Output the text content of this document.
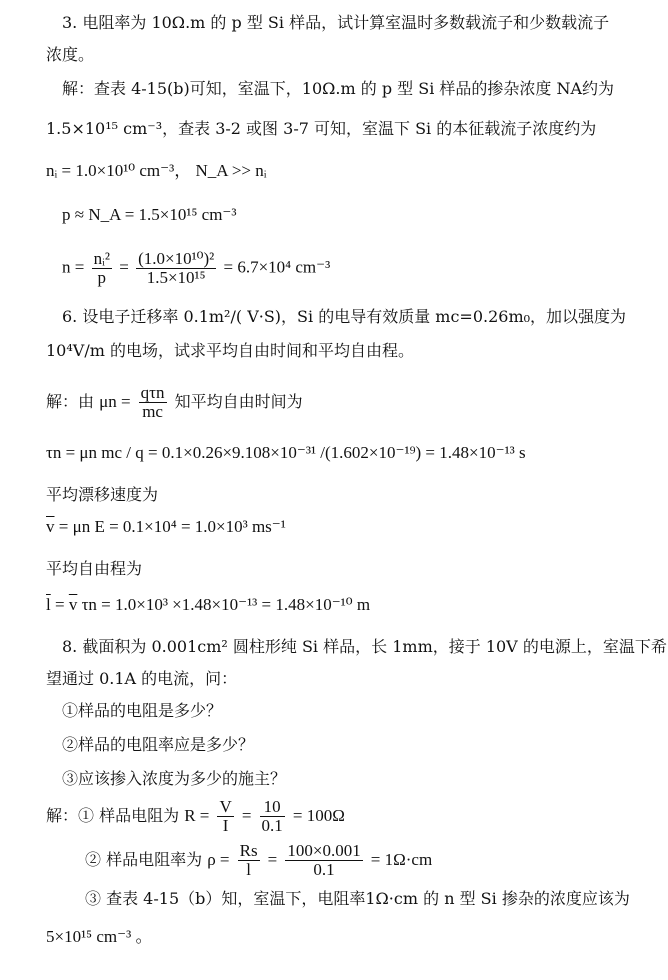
3. 电阻率为 10Ω.m 的 p 型 Si 样品，试计算室温时多数载流子和少数载流子
浓度。
解：查表 4-15(b)可知，室温下，10Ω.m 的 p 型 Si 样品的掺杂浓度 NA约为
1.5×10¹⁵ cm⁻³，查表 3-2 或图 3-7 可知，室温下 Si 的本征载流子浓度约为
nᵢ = 1.0×10¹⁰ cm⁻³， N_A >> nᵢ
p ≈ N_A = 1.5×10¹⁵ cm⁻³
$n = \frac{\text{nᵢ²}}{p} = \frac{\text{(1.0×10¹⁰)²}}{\text{1.5×10¹⁵}} = 6.7\times 10^4$ cm⁻³
6. 设电子迁移率 0.1m²/( V·S)，Si 的电导有效质量 mc=0.26m₀，加以强度为
10⁴V/m 的电场，试求平均自由时间和平均自由程。
解：由 $\mu n = \frac{\text{qτn}}{mc}$ 知平均自由时间为
τn = μn mc / q = 0.1×0.26×9.108×10⁻³¹ /(1.602×10⁻¹⁹) = 1.48×10⁻¹³ s
平均漂移速度为
$\overline{v} = \mu n$ E = 0.1×10⁴ = 1.0×10³ ms⁻¹
平均自由程为
$\overline{l} = \overline{v}$ τn = 1.0×10³ ×1.48×10⁻¹³ = 1.48×10⁻¹⁰ m
8. 截面积为 0.001cm² 圆柱形纯 Si 样品，长 1mm，接于 10V 的电源上，室温下希
望通过 0.1A 的电流，问：
①样品的电阻是多少？
②样品的电阻率应是多少？
③应该掺入浓度为多少的施主？
解：① 样品电阻为 $R = \frac{V}{I} = \frac{10}{0.1} = 100\Omega$
② 样品电阻率为 $\rho = \frac{Rs}{l} = \frac{100\times 0.001}{0.1} = 1\Omega\cdot cm$
③ 查表 4-15（b）知，室温下，电阻率1Ω·cm 的 n 型 Si 掺杂的浓度应该为
5×10¹⁵ cm⁻³ 。
